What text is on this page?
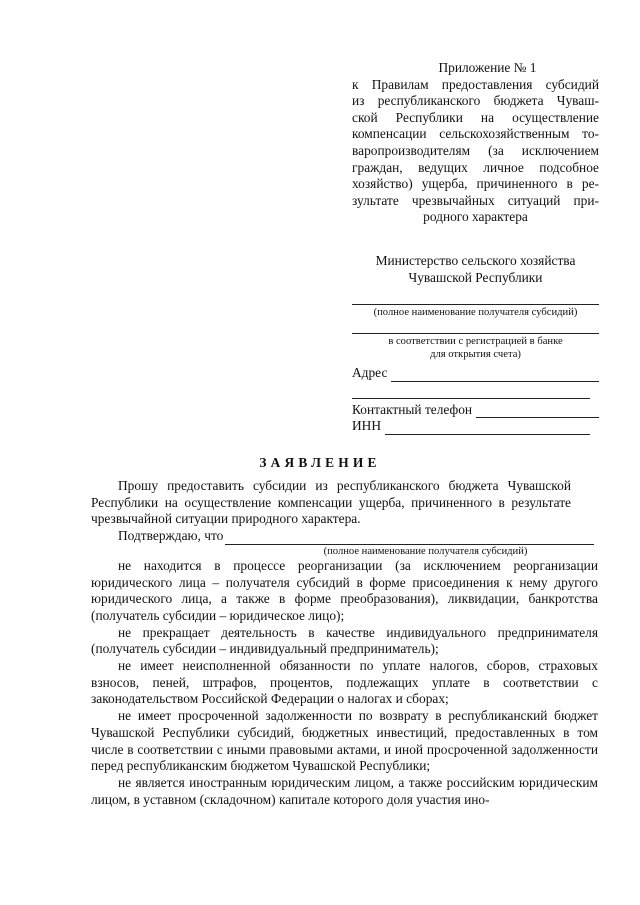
Приложение № 1
к Правилам предоставления субсидий
из республиканского бюджета Чуваш-
ской Республики на осуществление
компенсации сельскохозяйственным то-
варопроизводителям (за исключением
граждан, ведущих личное подсобное
хозяйство) ущерба, причиненного в ре-
зультате чрезвычайных ситуаций при-
родного характера
Министерство сельского хозяйства
Чувашской Республики
(полное наименование получателя субсидий)
в соответствии с регистрацией в банке
для открытия счета)
Адрес
Контактный телефон
ИНН
ЗАЯВЛЕНИЕ

Прошу предоставить субсидии из республиканского бюджета Чувашской Республики на осуществление компенсации ущерба, причиненного в результате чрезвычайной ситуации природного характера.

Подтверждаю, что
(полное наименование получателя субсидий)

не находится в процессе реорганизации (за исключением реорганизации юридического лица – получателя субсидий в форме присоединения к нему другого юридического лица, а также в форме преобразования), ликвидации, банкротства (получатель субсидии – юридическое лицо);

не прекращает деятельность в качестве индивидуального предпринимателя (получатель субсидии – индивидуальный предприниматель);

не имеет неисполненной обязанности по уплате налогов, сборов, страховых взносов, пеней, штрафов, процентов, подлежащих уплате в соответствии с законодательством Российской Федерации о налогах и сборах;

не имеет просроченной задолженности по возврату в республиканский бюджет Чувашской Республики субсидий, бюджетных инвестиций, предоставленных в том числе в соответствии с иными правовыми актами, и иной просроченной задолженности перед республиканским бюджетом Чувашской Республики;

не является иностранным юридическим лицом, а также российским юридическим лицом, в уставном (складочном) капитале которого доля участия ино-
